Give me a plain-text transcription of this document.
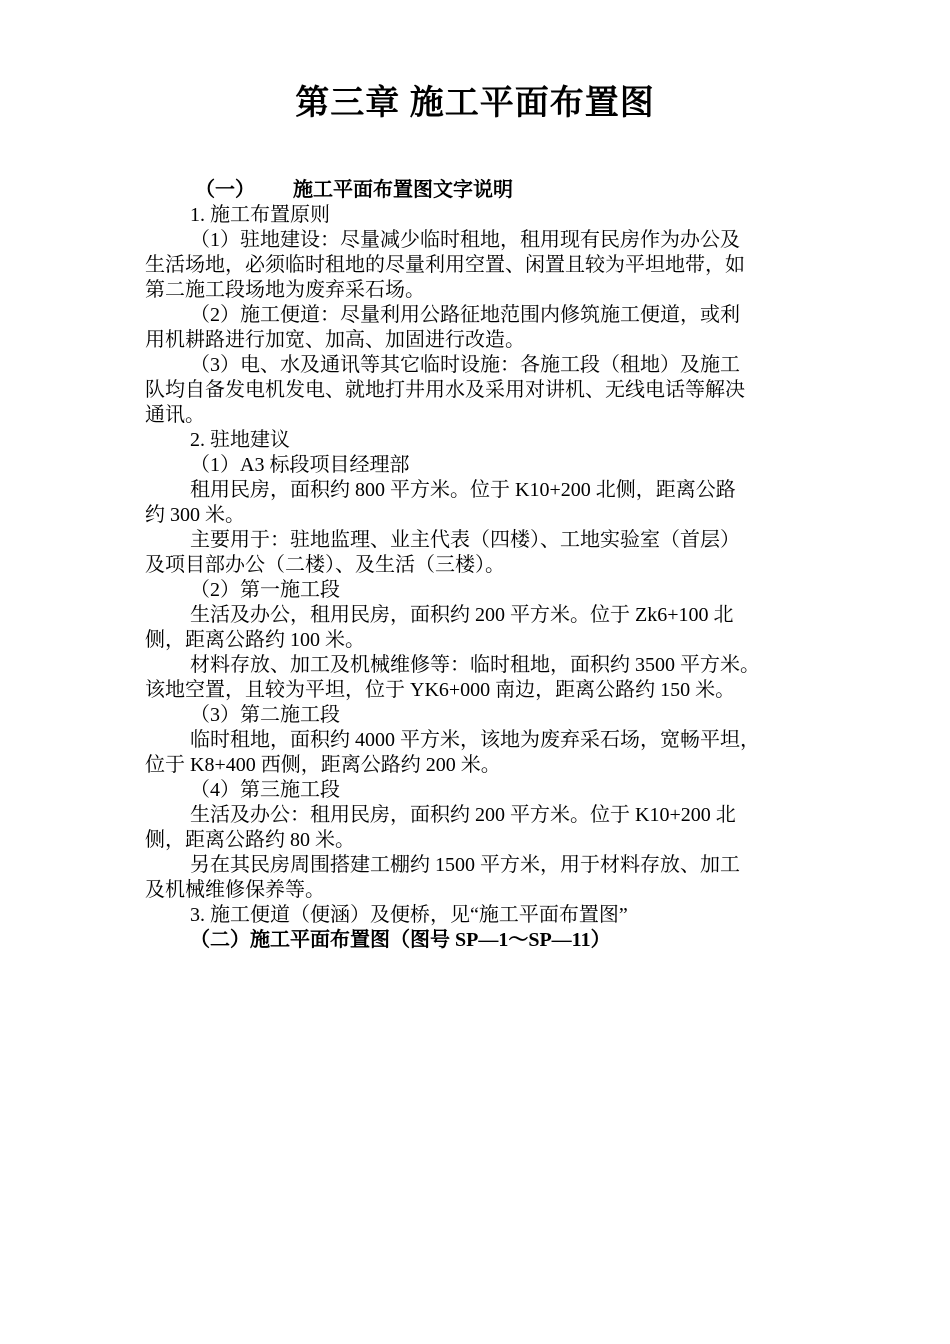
第三章 施工平面布置图
（一） 施工平面布置图文字说明
1. 施工布置原则
（1）驻地建设：尽量减少临时租地，租用现有民房作为办公及
生活场地，必须临时租地的尽量利用空置、闲置且较为平坦地带，如
第二施工段场地为废弃采石场。
（2）施工便道：尽量利用公路征地范围内修筑施工便道，或利
用机耕路进行加宽、加高、加固进行改造。
（3）电、水及通讯等其它临时设施：各施工段（租地）及施工
队均自备发电机发电、就地打井用水及采用对讲机、无线电话等解决
通讯。
2. 驻地建议
（1）A3 标段项目经理部
租用民房，面积约 800 平方米。位于 K10+200 北侧，距离公路
约 300 米。
主要用于：驻地监理、业主代表（四楼）、工地实验室（首层）
及项目部办公（二楼）、及生活（三楼）。
（2）第一施工段
生活及办公，租用民房，面积约 200 平方米。位于 Zk6+100 北
侧，距离公路约 100 米。
材料存放、加工及机械维修等：临时租地，面积约 3500 平方米。
该地空置，且较为平坦，位于 YK6+000 南边，距离公路约 150 米。
（3）第二施工段
临时租地，面积约 4000 平方米，该地为废弃采石场，宽畅平坦，
位于 K8+400 西侧，距离公路约 200 米。
（4）第三施工段
生活及办公：租用民房，面积约 200 平方米。位于 K10+200 北
侧，距离公路约 80 米。
另在其民房周围搭建工棚约 1500 平方米，用于材料存放、加工
及机械维修保养等。
3. 施工便道（便涵）及便桥，见“施工平面布置图”
（二）施工平面布置图（图号 SP—1～SP—11）
